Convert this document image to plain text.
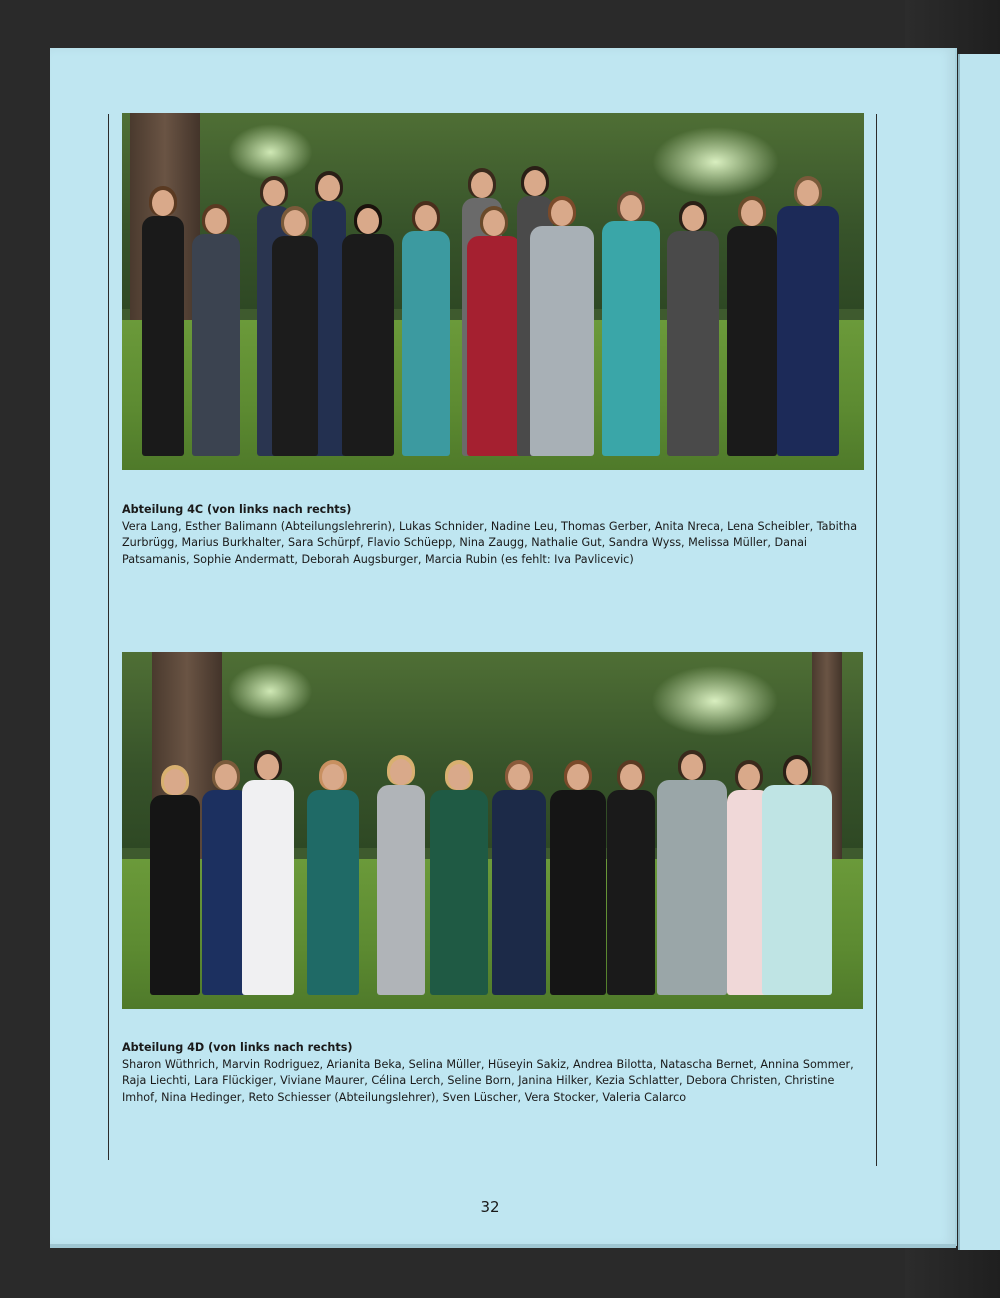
Abteilung 4C (von links nach rechts)
Vera Lang, Esther Balimann (Abteilungslehrerin), Lukas Schnider, Nadine Leu, Thomas Gerber, Anita Nreca, Lena Scheibler, Tabitha Zurbrügg, Marius Burkhalter, Sara Schürpf, Flavio Schüepp, Nina Zaugg, Nathalie Gut, Sandra Wyss, Melissa Müller, Danai Patsamanis, Sophie Andermatt, Deborah Augsburger, Marcia Rubin (es fehlt: Iva Pavlicevic)
Abteilung 4D (von links nach rechts)
Sharon Wüthrich, Marvin Rodriguez, Arianita Beka, Selina Müller, Hüseyin Sakiz, Andrea Bilotta, Natascha Bernet, Annina Sommer, Raja Liechti, Lara Flückiger, Viviane Maurer, Célina Lerch, Seline Born, Janina Hilker, Kezia Schlatter, Debora Christen, Christine Imhof, Nina Hedinger, Reto Schiesser (Abteilungslehrer), Sven Lüscher, Vera Stocker, Valeria Calarco
32
